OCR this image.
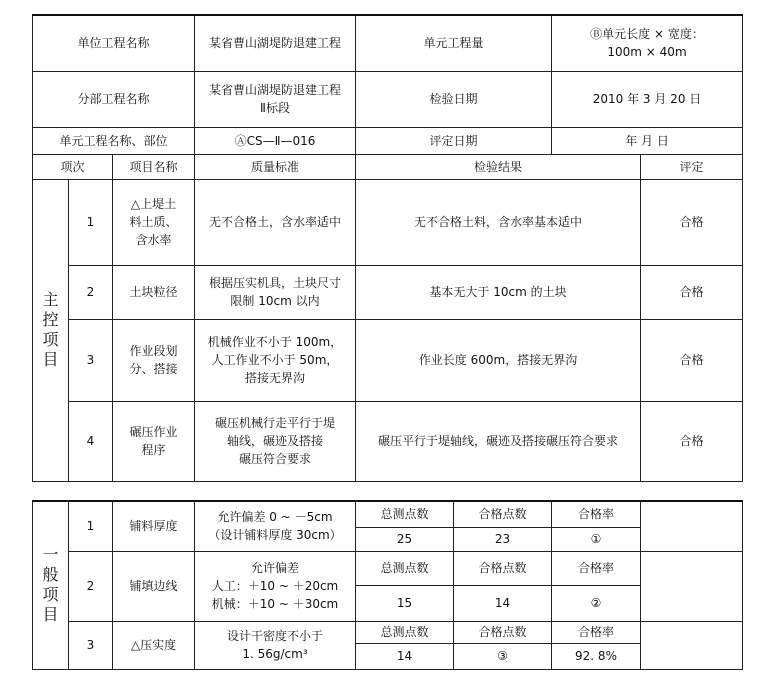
单位工程名称			某省曹山湖堤防退建工程	单元工程量	Ⓑ单元长度 × 宽度：
100m × 40m	
分部工程名称			某省曹山湖堤防退建工程
Ⅱ标段	检验日期	2010 年 3 月 20 日	
单元工程名称、部位			ⒶCS—Ⅱ—016	评定日期	年 月 日	
项次		项目名称	质量标准	检验结果		评定
主
控
项
目	1	△上堤土
料土质、
含水率	无不合格土，含水率适中	无不合格土料，含水率基本适中		合格
	2	土块粒径	根据压实机具，土块尺寸
限制 10cm 以内	基本无大于 10cm 的土块		合格
	3	作业段划
分、搭接	机械作业不小于 100m，
人工作业不小于 50m，
搭接无界沟	作业长度 600m，搭接无界沟		合格
	4	碾压作业
程序	碾压机械行走平行于堤
轴线，碾迹及搭接
碾压符合要求	碾压平行于堤轴线，碾迹及搭接碾压符合要求		合格
一
般
项
目	1	铺料厚度	允许偏差 0 ~ －5cm
（设计铺料厚度 30cm）	总测点数	合格点数	合格率	
				25	23	①	
	2	铺填边线	允许偏差
人工：＋10 ~ ＋20cm
机械：＋10 ~ ＋30cm	总测点数	合格点数	合格率	
				15	14	②	
	3	△压实度	设计干密度不小于
1. 56g/cm³	总测点数	合格点数	合格率	
				14	③	92. 8%	
